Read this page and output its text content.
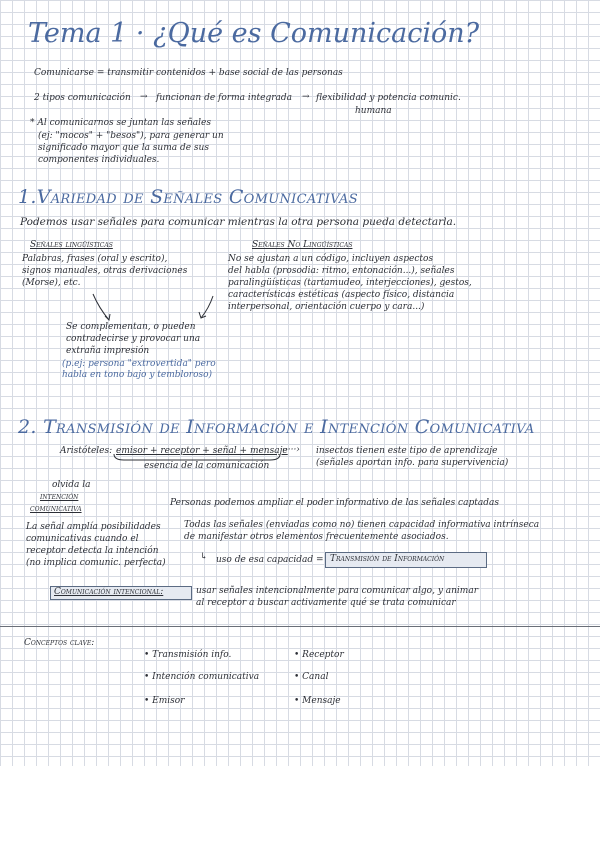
Tema 1 · ¿Qué es Comunicación?
Comunicarse = transmitir contenidos + base social de las personas
2 tipos comunicación → funcionan de forma integrada → flexibilidad y potencia comunic.
humana
* Al comunicarnos se juntan las señales
(ej: "mocos" + "besos"), para generar un
significado mayor que la suma de sus
componentes individuales.
1.Variedad de Señales Comunicativas
Podemos usar señales para comunicar mientras la otra persona pueda detectarla.
Señales lingüísticas
Palabras, frases (oral y escrito),
signos manuales, otras derivaciones
(Morse), etc.
Señales No Lingüísticas
No se ajustan a un código, incluyen aspectos
del habla (prosodia: ritmo, entonación...), señales
paralingüísticas (tartamudeo, interjecciones), gestos,
características estéticas (aspecto físico, distancia
interpersonal, orientación cuerpo y cara...)
Se complementan, o pueden
contradecirse y provocar una
extraña impresión
(p.ej: persona "extrovertida" pero
habla en tono bajo y tembloroso)
2. Transmisión de Información e Intención Comunicativa
Aristóteles: emisor + receptor + señal + mensaje
·····› insectos tienen este tipo de aprendizaje
(señales aportan info. para supervivencia)
esencia de la comunicación
olvida la
intención
comunicativa
Personas podemos ampliar el poder informativo de las señales captadas
La señal amplía posibilidades
comunicativas cuando el
receptor detecta la intención
(no implica comunic. perfecta)
Todas las señales (enviadas como no) tienen capacidad informativa intrínseca
de manifestar otros elementos frecuentemente asociados.
↳ uso de esa capacidad = Transmisión de Información
Comunicación intencional:	usar señales intencionalmente para comunicar algo, y animar
al receptor a buscar activamente qué se trata comunicar
Conceptos clave:
• Transmisión info.
• Intención comunicativa
• Emisor
• Receptor
• Canal
• Mensaje
